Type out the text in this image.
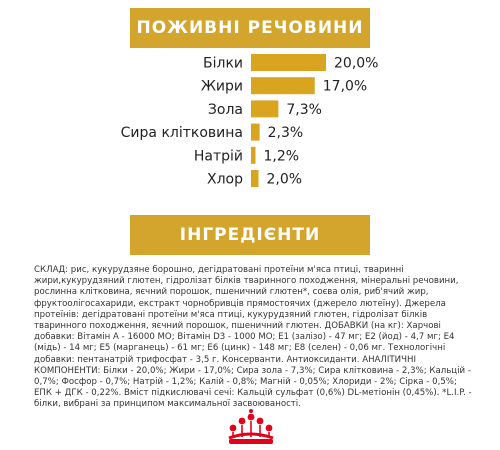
ПОЖИВНІ РЕЧОВИНИ
Білки	20,0%
Жири	17,0%
Зола	7,3%
Сира клітковина 2,3%
Натрій 1,2%
Хлор 2,0%
ІНГРЕДІЄНТИ

СКЛАД: рис, кукурудзяне борошно, дегідратовані протеїни м'яса птиці, тваринні жири,кукурудзяний глютен, гідролізат білків тваринного походження, мінеральні речовини, рослинна клітковина, яєчний порошок, пшеничний глютен*, соєва олія, риб'ячий жир, фруктоолігосахариди, екстракт чорнобривців прямостоячих (джерело лютеїну). Джерела протеїнів: дегідратовані протеїни м'яса птиці, кукурудзяний глютен, гідролізат білків тваринного походження, яєчний порошок, пшеничний глютен. ДОБАВКИ (на кг): Харчові добавки: Вітамін A - 16000 МО; Вітамін D3 - 1000 МО; E1 (залізо) - 47 мг; E2 (йод) - 4,7 мг; E4 (мідь) - 14 мг; E5 (марганець) - 61 мг; E6 (цинк) - 148 мг; E8 (селен) - 0,06 мг. Технологічні добавки: пентанатрій трифосфат - 3,5 г. Консерванти. Антиоксиданти. АНАЛІТИЧНІ КОМПОНЕНТИ: Білки - 20,0%; Жири - 17,0%; Сира зола - 7,3%; Сира клітковина - 2,3%; Кальцій - 0,7%; Фосфор - 0,7%; Натрій - 1,2%; Калій - 0,8%; Магній - 0,05%; Хлориди - 2%; Сірка - 0,5%; ЕПК + ДГК - 0,22%. Вміст підкислювачі сечі: Кальцій сульфат (0,6%) DL-метіонін (0,45%). *L.I.P. - білки, вибрані за принципом максимальної засвоюваності.
